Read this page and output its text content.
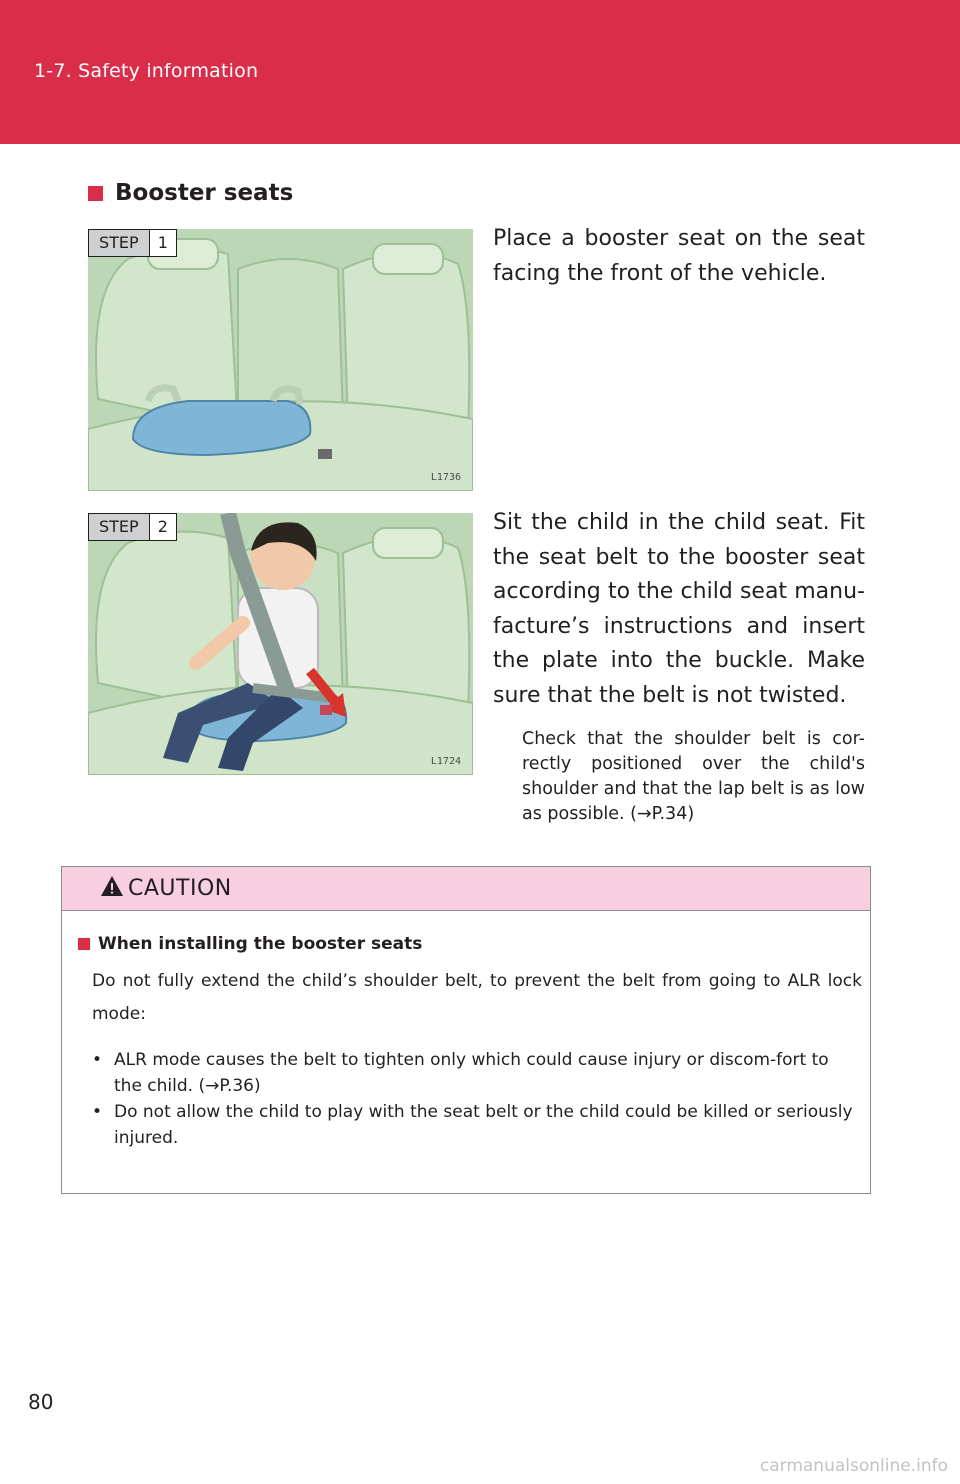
1-7. Safety information
Booster seats
STEP	1
L1736
Place a booster seat on the seat facing the front of the vehicle.
STEP	2
L1724
Sit the child in the child seat. Fit the seat belt to the booster seat according to the child seat manu-facture’s instructions and insert the plate into the buckle. Make sure that the belt is not twisted.
Check that the shoulder belt is cor-rectly positioned over the child's shoulder and that the lap belt is as low as possible. (→P.34)
CAUTION
When installing the booster seats
Do not fully extend the child’s shoulder belt, to prevent the belt from going to ALR lock mode:
• ALR mode causes the belt to tighten only which could cause injury or discom-fort to the child. (→P.36)
• Do not allow the child to play with the seat belt or the child could be killed or seriously injured.
80
carmanualsonline.info
